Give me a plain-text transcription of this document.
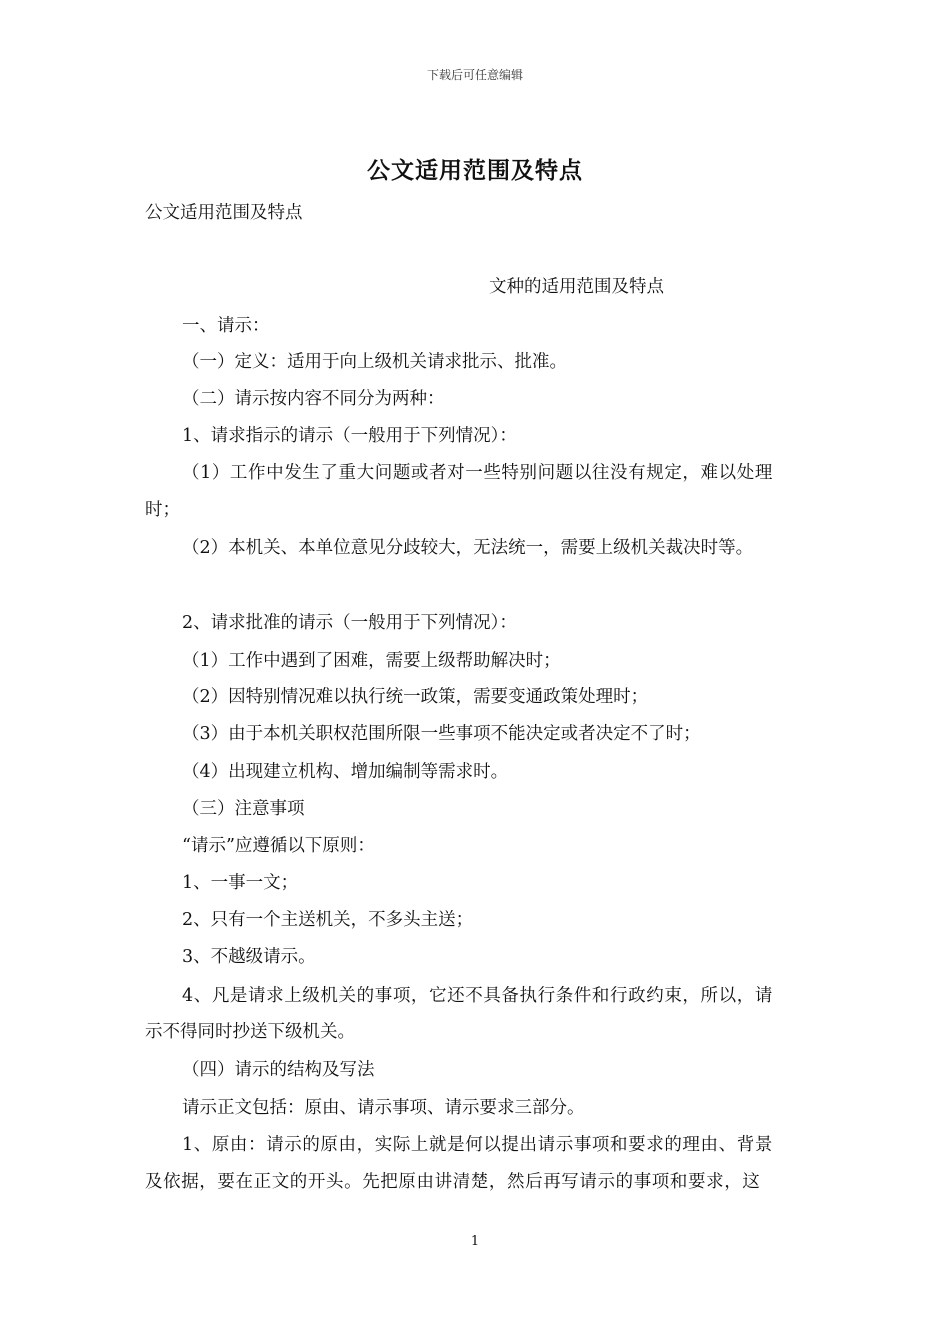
下载后可任意编辑
公文适用范围及特点
公文适用范围及特点
文种的适用范围及特点
一、请示：
（一）定义：适用于向上级机关请求批示、批准。
（二）请示按内容不同分为两种：
1、请求指示的请示（一般用于下列情况）：
（1）工作中发生了重大问题或者对一些特别问题以往没有规定，难以处理
时；
（2）本机关、本单位意见分歧较大，无法统一，需要上级机关裁决时等。
2、请求批准的请示（一般用于下列情况）：
（1）工作中遇到了困难，需要上级帮助解决时；
（2）因特别情况难以执行统一政策，需要变通政策处理时；
（3）由于本机关职权范围所限一些事项不能决定或者决定不了时；
（4）出现建立机构、增加编制等需求时。
（三）注意事项
“请示”应遵循以下原则：
1、一事一文；
2、只有一个主送机关，不多头主送；
3、不越级请示。
4、凡是请求上级机关的事项，它还不具备执行条件和行政约束，所以，请
示不得同时抄送下级机关。
（四）请示的结构及写法
请示正文包括：原由、请示事项、请示要求三部分。
1、原由：请示的原由，实际上就是何以提出请示事项和要求的理由、背景
及依据，要在正文的开头。先把原由讲清楚，然后再写请示的事项和要求，这
1
